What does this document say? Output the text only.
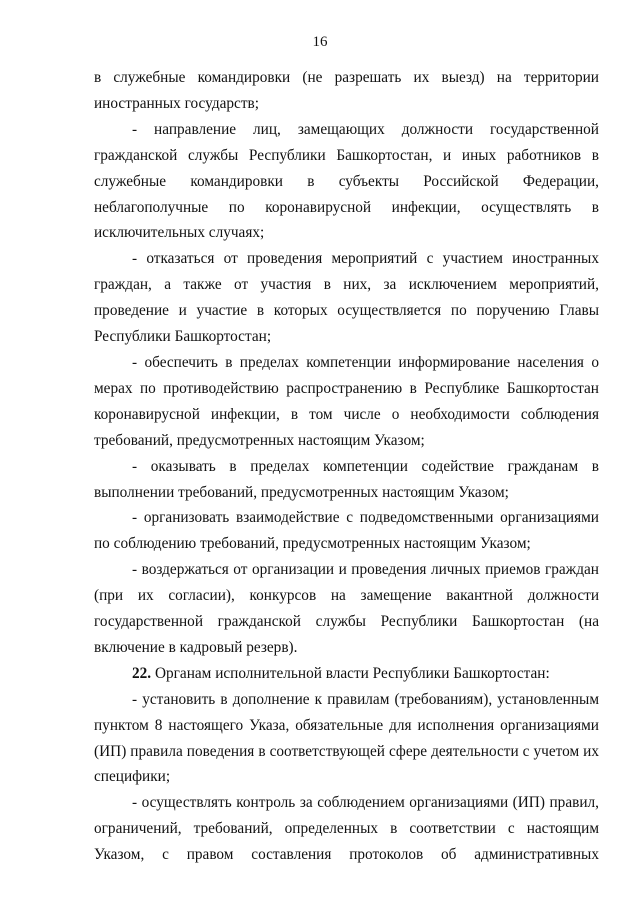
16

в служебные командировки (не разрешать их выезд) на территории иностранных государств;

- направление лиц, замещающих должности государственной гражданской службы Республики Башкортостан, и иных работников в служебные командировки в субъекты Российской Федерации, неблагополучные по коронавирусной инфекции, осуществлять в исключительных случаях;

- отказаться от проведения мероприятий с участием иностранных граждан, а также от участия в них, за исключением мероприятий, проведение и участие в которых осуществляется по поручению Главы Республики Башкортостан;

- обеспечить в пределах компетенции информирование населения о мерах по противодействию распространению в Республике Башкортостан коронавирусной инфекции, в том числе о необходимости соблюдения требований, предусмотренных настоящим Указом;

- оказывать в пределах компетенции содействие гражданам в выполнении требований, предусмотренных настоящим Указом;

- организовать взаимодействие с подведомственными организациями по соблюдению требований, предусмотренных настоящим Указом;

- воздержаться от организации и проведения личных приемов граждан (при их согласии), конкурсов на замещение вакантной должности государственной гражданской службы Республики Башкортостан (на включение в кадровый резерв).

22. Органам исполнительной власти Республики Башкортостан:

- установить в дополнение к правилам (требованиям), установленным пунктом 8 настоящего Указа, обязательные для исполнения организациями (ИП) правила поведения в соответствующей сфере деятельности с учетом их специфики;

- осуществлять контроль за соблюдением организациями (ИП) правил, ограничений, требований, определенных в соответствии с настоящим Указом, с правом составления протоколов об административных
